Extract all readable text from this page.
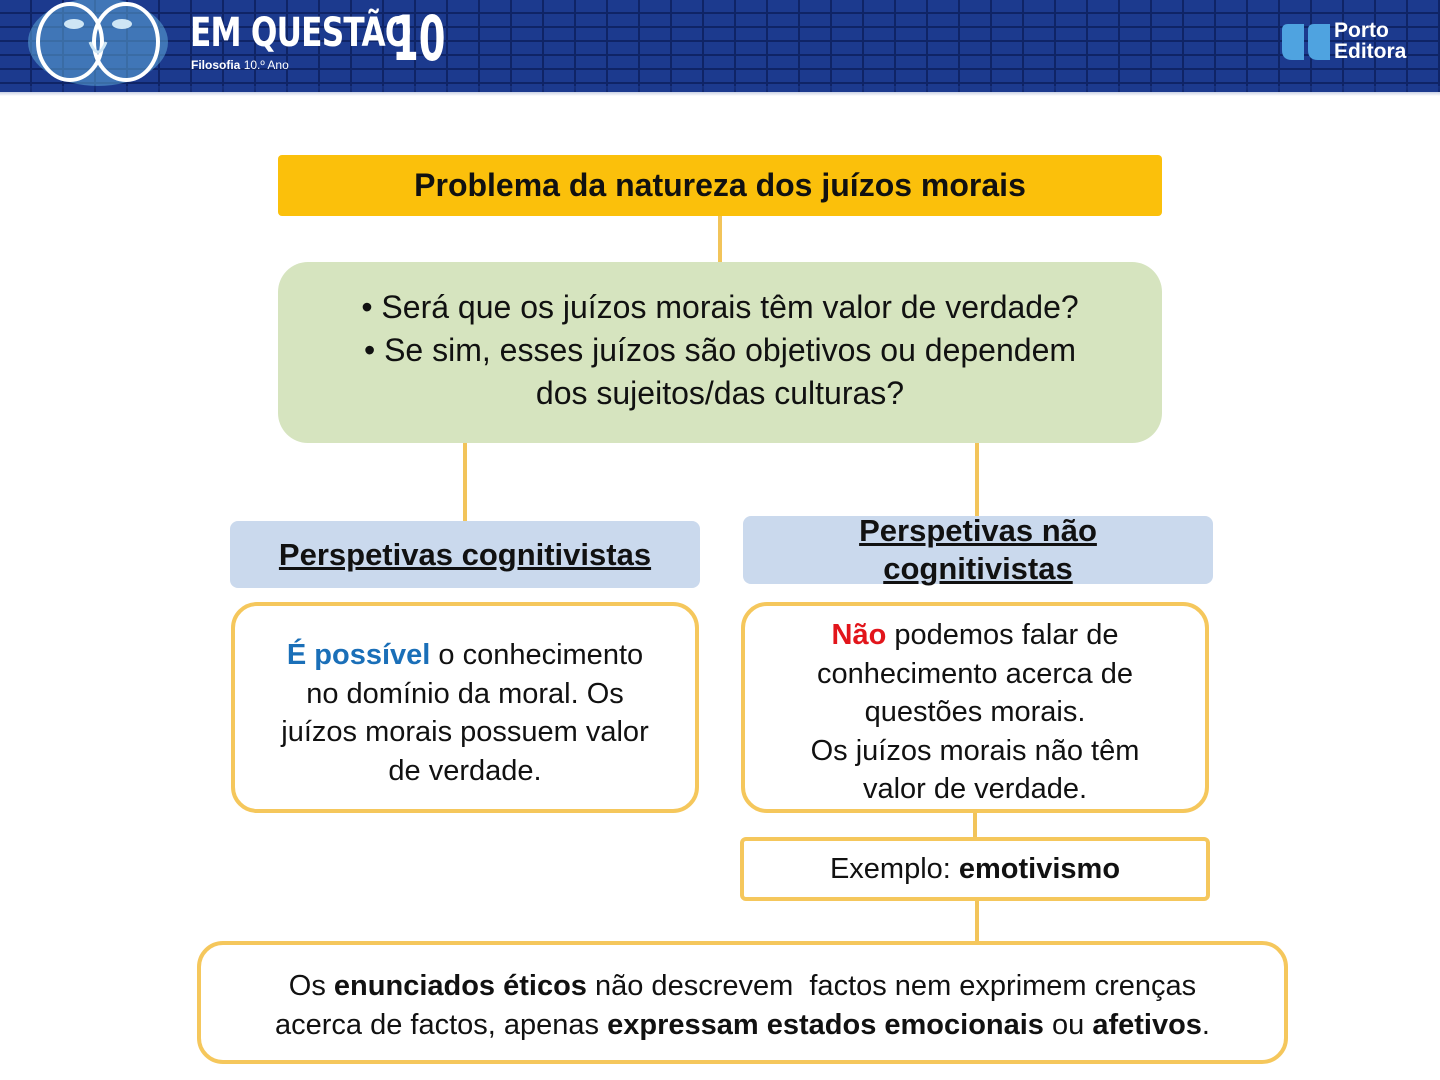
EM QUESTÃO
10
Filosofia 10.º Ano
Porto
Editora
Problema da natureza dos juízos morais
• Será que os juízos morais têm valor de verdade?
• Se sim, esses juízos são objetivos ou dependem
dos sujeitos/das culturas?
Perspetivas cognitivistas
Perspetivas não
cognitivistas
É possível o conhecimento
no domínio da moral. Os
juízos morais possuem valor
de verdade.
Não podemos falar de
conhecimento acerca de
questões morais.
Os juízos morais não têm
valor de verdade.
Exemplo: emotivismo
Os enunciados éticos não descrevem  factos nem exprimem crenças
acerca de factos, apenas expressam estados emocionais ou afetivos.
